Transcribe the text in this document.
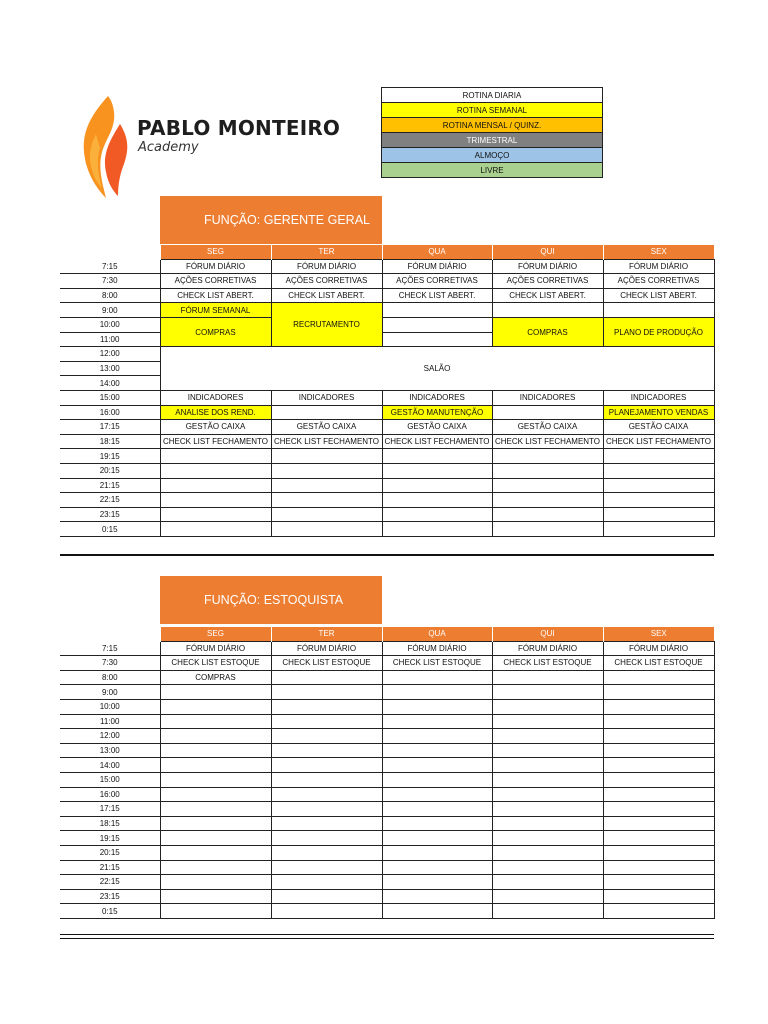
PABLO MONTEIRO
Academy
ROTINA DIARIA
ROTINA SEMANAL
ROTINA MENSAL / QUINZ.
TRIMESTRAL
ALMOÇO
LIVRE
FUNÇÃO: GERENTE GERAL
	SEG	TER	QUA	QUI	SEX
7:15	FÓRUM DIÁRIO	FÓRUM DIÁRIO	FÓRUM DIÁRIO	FÓRUM DIÁRIO	FÓRUM DIÁRIO
7:30	AÇÕES CORRETIVAS	AÇÕES CORRETIVAS	AÇÕES CORRETIVAS	AÇÕES CORRETIVAS	AÇÕES CORRETIVAS
8:00	CHECK LIST ABERT.	CHECK LIST ABERT.	CHECK LIST ABERT.	CHECK LIST ABERT.	CHECK LIST ABERT.
9:00	FÓRUM SEMANAL	RECRUTAMENTO			
10:00	COMPRAS			COMPRAS	PLANO DE PRODUÇÃO
11:00					
12:00	SALÃO				
13:00					
14:00					
15:00	INDICADORES	INDICADORES	INDICADORES	INDICADORES	INDICADORES
16:00	ANALISE DOS REND.		GESTÃO MANUTENÇÃO		PLANEJAMENTO VENDAS
17:15	GESTÃO CAIXA	GESTÃO CAIXA	GESTÃO CAIXA	GESTÃO CAIXA	GESTÃO CAIXA
18:15	CHECK LIST FECHAMENTO	CHECK LIST FECHAMENTO	CHECK LIST FECHAMENTO	CHECK LIST FECHAMENTO	CHECK LIST FECHAMENTO
19:15					
20:15					
21:15					
22:15					
23:15					
0:15					
FUNÇÃO: ESTOQUISTA
	SEG	TER	QUA	QUI	SEX
7:15	FÓRUM DIÁRIO	FÓRUM DIÁRIO	FÓRUM DIÁRIO	FÓRUM DIÁRIO	FÓRUM DIÁRIO
7:30	CHECK LIST ESTOQUE	CHECK LIST ESTOQUE	CHECK LIST ESTOQUE	CHECK LIST ESTOQUE	CHECK LIST ESTOQUE
8:00	COMPRAS				
9:00					
10:00					
11:00					
12:00					
13:00					
14:00					
15:00					
16:00					
17:15					
18:15					
19:15					
20:15					
21:15					
22:15					
23:15					
0:15					
